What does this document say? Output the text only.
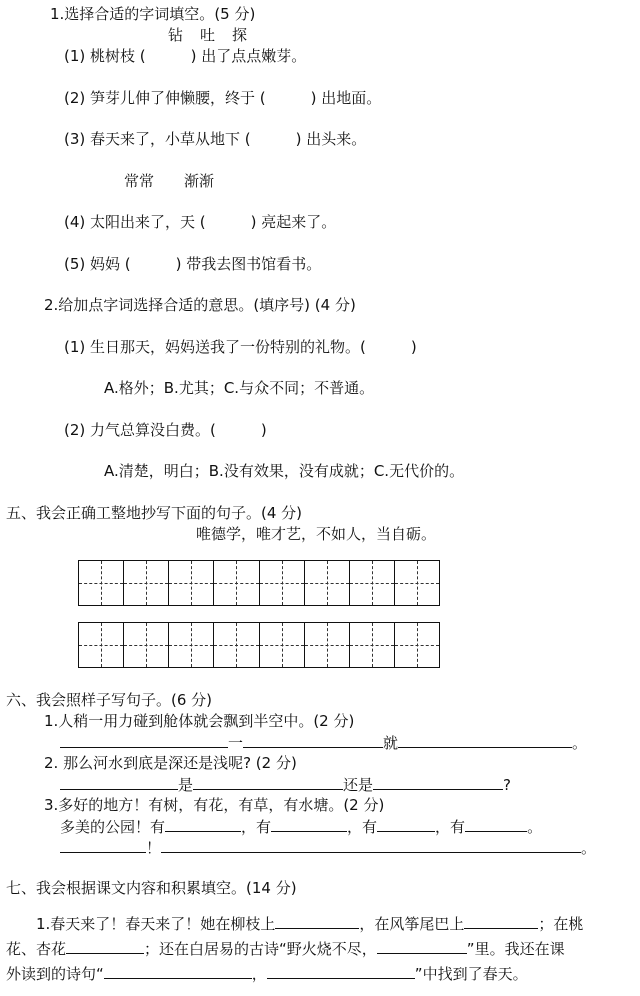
1.选择合适的字词填空。(5 分)
钻　吐　探
(1) 桃树枝 (　　　) 出了点点嫩芽。
(2) 笋芽儿伸了伸懒腰，终于 (　　　) 出地面。
(3) 春天来了，小草从地下 (　　　) 出头来。
常常　　渐渐
(4) 太阳出来了，天 (　　　) 亮起来了。
(5) 妈妈 (　　　) 带我去图书馆看书。
2.给加点字词选择合适的意思。(填序号) (4 分)
(1) 生日那天，妈妈送我了一份特别的礼物。(　　　)
A.格外；B.尤其；C.与众不同；不普通。
(2) 力气总算没白费。(　　　)
A.清楚，明白；B.没有效果，没有成就；C.无代价的。
五、我会正确工整地抄写下面的句子。(4 分)
唯德学，唯才艺，不如人，当自砺。
六、我会照样子写句子。(6 分)
1.人稍一用力碰到舱体就会飘到半空中。(2 分)
一	就	。
2. 那么河水到底是深还是浅呢? (2 分)
是	还是	?
3.多好的地方！有树，有花，有草，有水塘。(2 分)
多美的公园！有	，有	，有	，有	。
！	。
七、我会根据课文内容和积累填空。(14 分)
1.春天来了！春天来了！她在柳枝上	，在风筝尾巴上	；在桃
花、杏花	；还在白居易的古诗“野火烧不尽，	”里。我还在课
外读到的诗句“	，	”中找到了春天。
